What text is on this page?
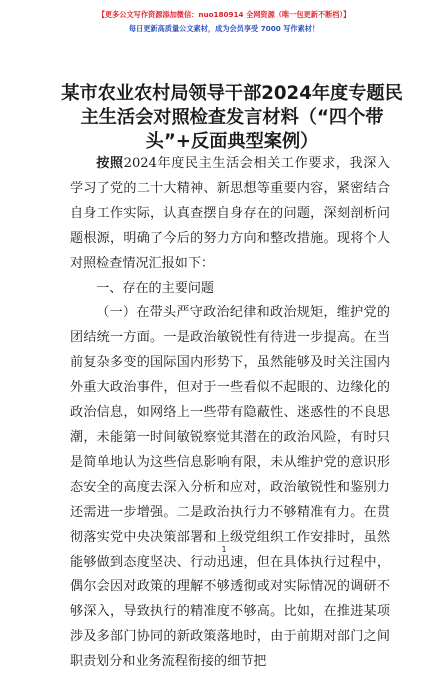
【更多公文写作资源添加微信：nuo180914 全网资源（唯一包更新不断档）】
每日更新高质量公文素材，成为会员享受 7000 写作素材！
某市农业农村局领导干部2024年度专题民主生活会对照检查发言材料（“四个带头”+反面典型案例）

按照2024年度民主生活会相关工作要求，我深入学习了党的二十大精神、新思想等重要内容，紧密结合自身工作实际，认真查摆自身存在的问题，深刻剖析问题根源，明确了今后的努力方向和整改措施。现将个人对照检查情况汇报如下：

一、存在的主要问题

（一）在带头严守政治纪律和政治规矩，维护党的团结统一方面。一是政治敏锐性有待进一步提高。在当前复杂多变的国际国内形势下，虽然能够及时关注国内外重大政治事件，但对于一些看似不起眼的、边缘化的政治信息，如网络上一些带有隐蔽性、迷惑性的不良思潮，未能第一时间敏锐察觉其潜在的政治风险，有时只是简单地认为这些信息影响有限，未从维护党的意识形态安全的高度去深入分析和应对，政治敏锐性和鉴别力还需进一步增强。二是政治执行力不够精准有力。在贯彻落实党中央决策部署和上级党组织工作安排时，虽然能够做到态度坚决、行动迅速，但在具体执行过程中，偶尔会因对政策的理解不够透彻或对实际情况的调研不够深入，导致执行的精准度不够高。比如，在推进某项涉及多部门协同的新政策落地时，由于前期对部门之间职责划分和业务流程衔接的细节把

1
